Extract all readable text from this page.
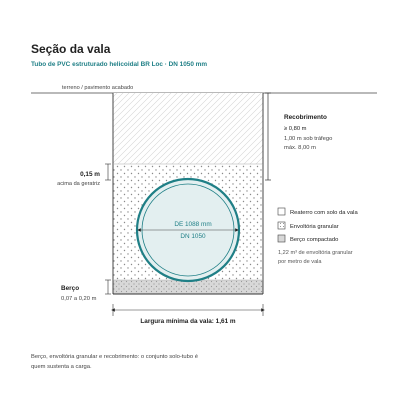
Seção da vala
Tubo de PVC estruturado helicoidal BR Loc · DN 1050 mm
terreno / pavimento acabado
DE 1088 mm
DN 1050
0,15 m
acima da geratriz
Berço
0,07 a 0,20 m
Recobrimento
≥ 0,80 m
1,00 m sob tráfego
máx. 8,00 m
Largura mínima da vala: 1,61 m
Reaterro com solo da vala
Envoltória granular
Berço compactado
1,22 m³ de envoltória granular
por metro de vala
Berço, envoltória granular e recobrimento: o conjunto solo-tubo é
quem sustenta a carga.
